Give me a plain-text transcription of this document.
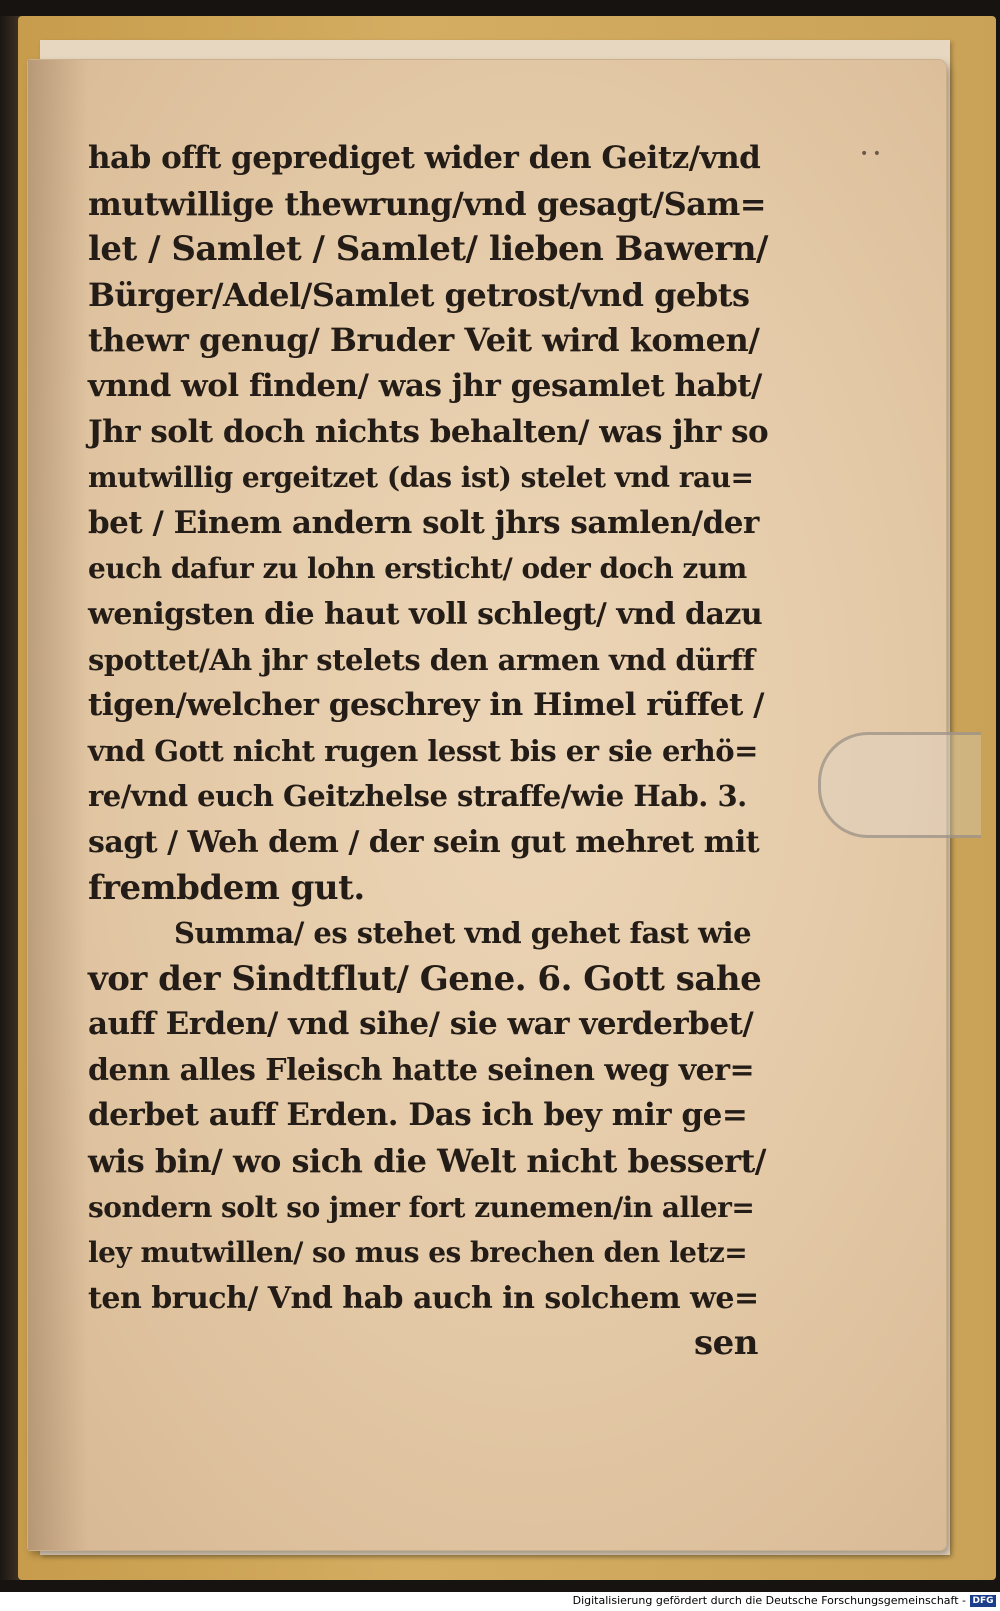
• •
hab offt geprediget wider den Geitz/vnd
mutwillige thewrung/vnd gesagt/Sam=
let / Samlet / Samlet/ lieben Bawern/
Bürger/Adel/Samlet getrost/vnd gebts
thewr genug/ Bruder Veit wird komen/
vnnd wol finden/ was jhr gesamlet habt/
Jhr solt doch nichts behalten/ was jhr so
mutwillig ergeitzet (das ist) stelet vnd rau=
bet / Einem andern solt jhrs samlen/der
euch dafur zu lohn ersticht/ oder doch zum
wenigsten die haut voll schlegt/ vnd dazu
spottet/Ah jhr stelets den armen vnd dürff
tigen/welcher geschrey in Himel rüffet /
vnd Gott nicht rugen lesst bis er sie erhö=
re/vnd euch Geitzhelse straffe/wie Hab. 3.
sagt / Weh dem / der sein gut mehret mit
frembdem gut.
Summa/ es stehet vnd gehet fast wie
vor der Sindtflut/ Gene. 6. Gott sahe
auff Erden/ vnd sihe/ sie war verderbet/
denn alles Fleisch hatte seinen weg ver=
derbet auff Erden. Das ich bey mir ge=
wis bin/ wo sich die Welt nicht bessert/
sondern solt so jmer fort zunemen/in aller=
ley mutwillen/ so mus es brechen den letz=
ten bruch/ Vnd hab auch in solchem we=
sen
Digitalisierung gefördert durch die Deutsche Forschungsgemeinschaft - DFG
